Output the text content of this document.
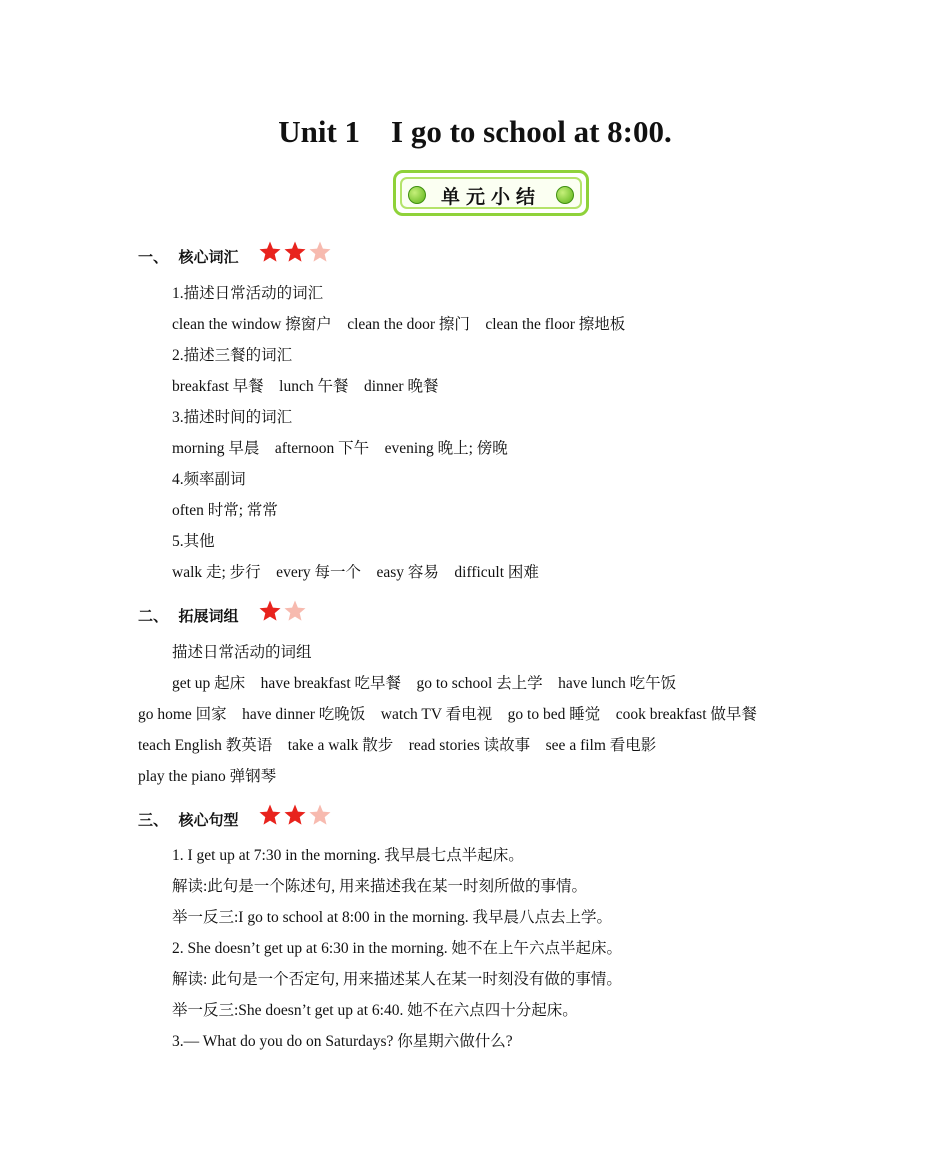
Unit 1    I go to school at 8:00.
单元小结
一、  核心词汇
1.描述日常活动的词汇
clean the window 擦窗户    clean the door 擦门    clean the floor 擦地板
2.描述三餐的词汇
breakfast 早餐    lunch 午餐    dinner 晚餐
3.描述时间的词汇
morning 早晨    afternoon 下午    evening 晚上; 傍晚
4.频率副词
often 时常; 常常
5.其他
walk 走; 步行    every 每一个    easy 容易    difficult 困难
二、  拓展词组
描述日常活动的词组
get up 起床    have breakfast 吃早餐    go to school 去上学    have lunch 吃午饭
go home 回家    have dinner 吃晚饭    watch TV 看电视    go to bed 睡觉    cook breakfast 做早餐
teach English 教英语    take a walk 散步    read stories 读故事    see a film 看电影
play the piano 弹钢琴
三、  核心句型
1. I get up at 7:30 in the morning. 我早晨七点半起床。
解读:此句是一个陈述句, 用来描述我在某一时刻所做的事情。
举一反三:I go to school at 8:00 in the morning. 我早晨八点去上学。
2. She doesn’t get up at 6:30 in the morning. 她不在上午六点半起床。
解读: 此句是一个否定句, 用来描述某人在某一时刻没有做的事情。
举一反三:She doesn’t get up at 6:40. 她不在六点四十分起床。
3.— What do you do on Saturdays? 你星期六做什么?
